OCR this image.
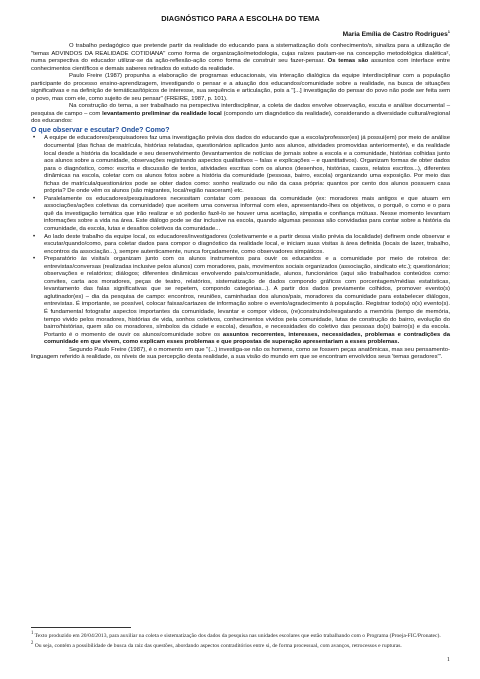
DIAGNÓSTICO PARA A ESCOLHA DO TEMA
Maria Emília de Castro Rodrigues$^1$

O trabalho pedagógico que pretende partir da realidade do educando para a sistematização do/s conhecimento/s, sinaliza para a utilização de "temas ADVINDOS DA REALIDADE COTIDIANA" como forma de organização/metodologia, cujas raízes pautam-se na concepção metodológica dialética², numa perspectiva do educador utilizar-se da ação-reflexão-ação como forma de construir seu fazer-pensar. Os temas são assuntos com interface entre conhecimentos científicos e demais saberes retirados do estudo da realidade.

Paulo Freire (1987) propunha a elaboração de programas educacionais, via interação dialógica da equipe interdisciplinar com a população participante do processo ensino-aprendizagem, investigando o pensar e a atuação dos educandos/comunidade sobre a realidade, na busca de situações significativas e na definição de temáticas/tópicos de interesse, sua sequência e articulação, pois a "[...] investigação do pensar do povo não pode ser feita sem o povo, mas com ele, como sujeito de seu pensar" (FREIRE, 1987, p. 101).

Na construção do tema, a ser trabalhado na perspectiva interdisciplinar, a coleta de dados envolve observação, escuta e análise documental – pesquisa de campo – com levantamento preliminar da realidade local (compondo um diagnóstico da realidade), considerando a diversidade cultural/regional dos educandos:

O que observar e escutar? Onde? Como?
• A equipe de educadores/pesquisadores faz uma investigação prévia dos dados do educando que a escola/professor(es) já possui(em) por meio de análise documental (das fichas de matrícula, histórias relatadas, questionários aplicados junto aos alunos, atividades promovidas anteriormente), e da realidade local desde a história da localidade e seu desenvolvimento (levantamentos de notícias de jornais sobre a escola e a comunidade, histórias colhidas junto aos alunos sobre a comunidade, observações registrando aspectos qualitativos – falas e explicações – e quantitativos). Organizam formas de obter dados para o diagnóstico, como: escrita e discussão de textos, atividades escritas com os alunos (desenhos, histórias, casos, relatos escritos...), diferentes dinâmicas na escola, coletar com os alunos fotos sobre a história da comunidade (pessoas, bairro, escola) organizando uma exposição. Por meio das fichas de matrícula/questionários pode se obter dados como: sonho realizado ou não da casa própria: quantos por cento dos alunos possuem casa própria? De onde vêm os alunos (são migrantes, local/região nasceram) etc.
• Paralelamente os educadores/pesquisadores necessitam contatar com pessoas da comunidade (ex: moradores mais antigos e que atuam em associações/ações coletivas da comunidade) que aceitem uma conversa informal com eles, apresentando-lhes os objetivos, o porquê, o como e o para quê da investigação temática que irão realizar e só poderão fazê-lo se houver uma aceitação, simpatia e confiança mútuas. Nesse momento levantam informações sobre a vida na área. Este diálogo pode se dar inclusive na escola, quando algumas pessoas são convidadas para contar sobre a história da comunidade, da escola, lutas e desafios coletivos da comunidade...
• Ao lado deste trabalho da equipe local, os educadores/investigadores (coletivamente e a partir dessa visão prévia da localidade) definem onde observar e escutar/quando/como, para coletar dados para compor o diagnóstico da realidade local, e iniciam suas visitas à área definida (locais de lazer, trabalho, encontros da associação...), sempre autenticamente, nunca forçadamente, como observadores simpáticos.
• Preparatório às visita/s organizam junto com os alunos instrumentos para ouvir os educandos e a comunidade por meio de roteiros de: entrevistas/conversas (realizadas inclusive pelos alunos) com moradores, pais, movimentos sociais organizados (associação, sindicato etc.); questionários; observações e relatórios; diálogos; diferentes dinâmicas envolvendo pais/comunidade, alunos, funcionários (aqui são trabalhados conteúdos como: convites, carta aos moradores, peças de teatro, relatórios, sistematização de dados compondo gráficos com porcentagem/médias estatísticas, levantamento das falas significativas que se repetem, compondo categorias...). A partir dos dados previamente colhidos, promover evento(s) aglutinador(es) – dia da pesquisa de campo: encontros, reuniões, caminhadas dos alunos/pais, moradores da comunidade para estabelecer diálogos, entrevistas. É importante, se possível, colocar faixas/cartazes de informação sobre o evento/agradecimento à população. Registrar todo(s) o(s) evento(s). É fundamental fotografar aspectos importantes da comunidade, levantar e compor vídeos, (re)construindo/resgatando a memória (tempo de memória, tempo vivido pelos moradores, histórias de vida, sonhos coletivos, conhecimentos vividos pela comunidade, lutas de construção do bairro, evolução do bairro/histórias, quem são os moradores, símbolos da cidade e escola), desafios, e necessidades do coletivo das pessoas do(s) bairro(s) e da escola. Portanto é o momento de ouvir os alunos/comunidade sobre os assuntos recorrentes, interesses, necessidades, problemas e contradições da comunidade em que vivem, como explicam esses problemas e que propostas de superação apresentariam a esses problemas.

Segundo Paulo Freire (1987), é o momento em que "(...) investiga-se não os homens, como se fossem peças anatômicas, mas seu pensamento-linguagem referido à realidade, os níveis de sua percepção desta realidade, a sua visão do mundo em que se encontram envolvidos seus 'temas geradores'".

$^1$ Texto produzido em 20/04/2013, para auxiliar na coleta e sistematização dos dados da pesquisa nas unidades escolares que estão trabalhando com o Programa (Proeja-FIC/Pronatec).
$^2$ Ou seja, contém a possibilidade de busca da raiz das questões, abordando aspectos contraditórios entre si, de forma processual, com avanços, retrocessos e rupturas.
1
